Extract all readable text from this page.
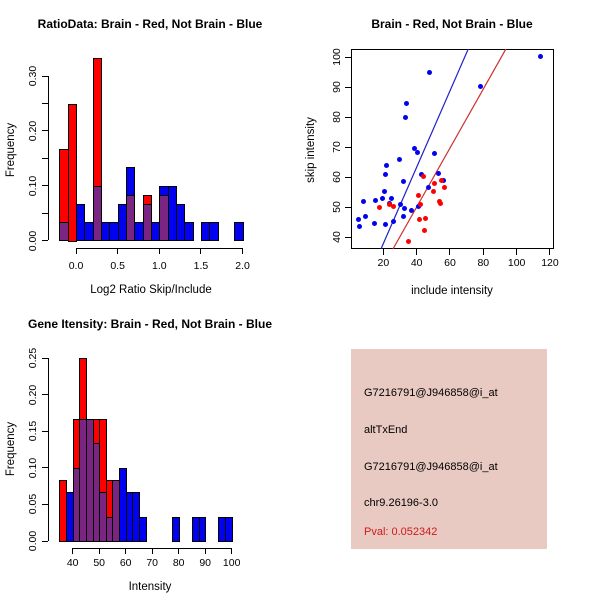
RatioData: Brain - Red, Not Brain - Blue	Brain - Red, Not Brain - Blue
Gene Itensity: Brain - Red, Not Brain - Blue
Frequency
Log2 Ratio Skip/Include
skip intensity
include intensity
Frequency
Intensity
0.00
0.10
0.20
0.30
0.0	0.5	1.0	1.5	2.0	20 40 60 80 100 120
40
50
60
70
80
90
100
0.00
0.05
0.10
0.15
0.20
0.25
40 50 60 70 80 90 100
G7216791@J946858@i_at
altTxEnd
G7216791@J946858@i_at
chr9.26196-3.0
Pval: 0.052342
